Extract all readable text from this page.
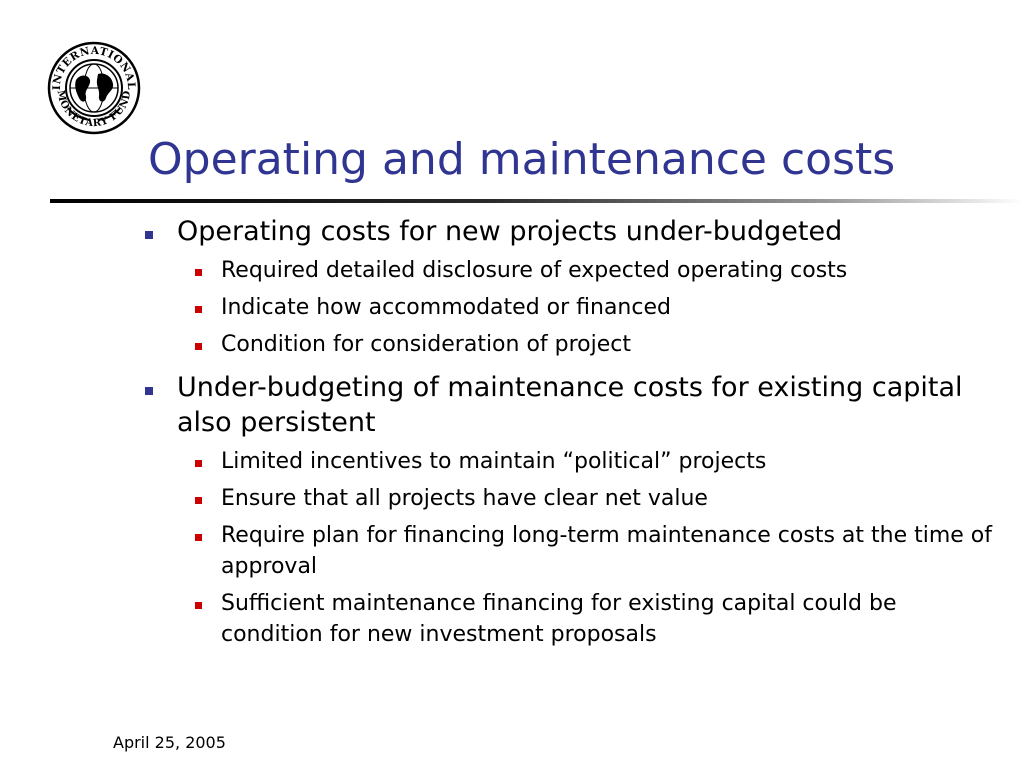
INTERNATIONAL
MONETARY FUND
Operating and maintenance costs
Operating costs for new projects under-budgeted
Required detailed disclosure of expected operating costs
Indicate how accommodated or financed
Condition for consideration of project
Under-budgeting of maintenance costs for existing capital also persistent
Limited incentives to maintain “political” projects
Ensure that all projects have clear net value
Require plan for financing long-term maintenance costs at the time of approval
Sufficient maintenance financing for existing capital could be condition for new investment proposals
April 25, 2005
